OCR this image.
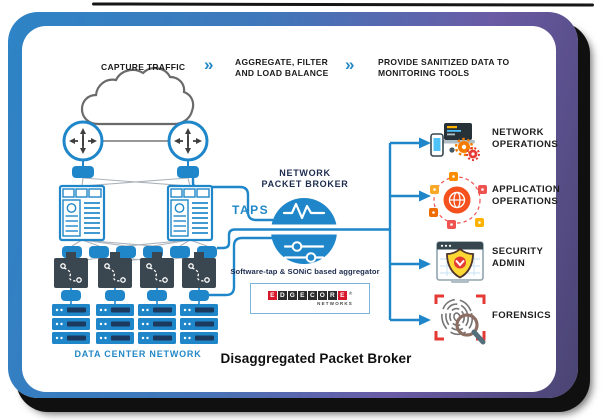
CAPTURE TRAFFIC »	AGGREGATE, FILTER
AND LOAD BALANCE »	PROVIDE SANITIZED DATA TO
MONITORING TOOLS
NETWORK
PACKET BROKER
TAPS
Software-tap & SONiC based aggregator
E D G E C O R E ®
NETWORKS
DATA CENTER NETWORK	Disaggregated Packet Broker
NETWORK
OPERATIONS
APPLICATION
OPERATIONS
SECURITY
ADMIN
FORENSICS
